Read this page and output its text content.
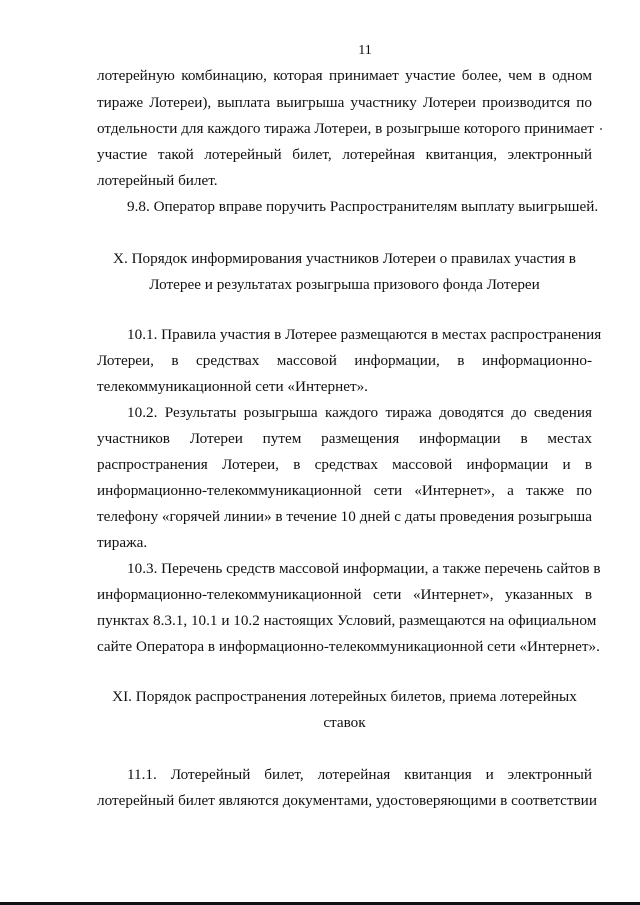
11
лотерейную комбинацию, которая принимает участие более, чем в одном
тираже Лотереи), выплата выигрыша участнику Лотереи производится по
отдельности для каждого тиража Лотереи, в розыгрыше которого принимает
участие такой лотерейный билет, лотерейная квитанция, электронный
лотерейный билет.
9.8. Оператор вправе поручить Распространителям выплату выигрышей.
X. Порядок информирования участников Лотереи о правилах участия в
Лотерее и результатах розыгрыша призового фонда Лотереи
10.1. Правила участия в Лотерее размещаются в местах распространения
Лотереи, в средствах массовой информации, в информационно-
телекоммуникационной сети «Интернет».
10.2. Результаты розыгрыша каждого тиража доводятся до сведения
участников Лотереи путем размещения информации в местах
распространения Лотереи, в средствах массовой информации и в
информационно-телекоммуникационной сети «Интернет», а также по
телефону «горячей линии» в течение 10 дней с даты проведения розыгрыша
тиража.
10.3. Перечень средств массовой информации, а также перечень сайтов в
информационно-телекоммуникационной сети «Интернет», указанных в
пунктах 8.3.1, 10.1 и 10.2 настоящих Условий, размещаются на официальном
сайте Оператора в информационно-телекоммуникационной сети «Интернет».
XI. Порядок распространения лотерейных билетов, приема лотерейных
ставок
11.1. Лотерейный билет, лотерейная квитанция и электронный
лотерейный билет являются документами, удостоверяющими в соответствии
